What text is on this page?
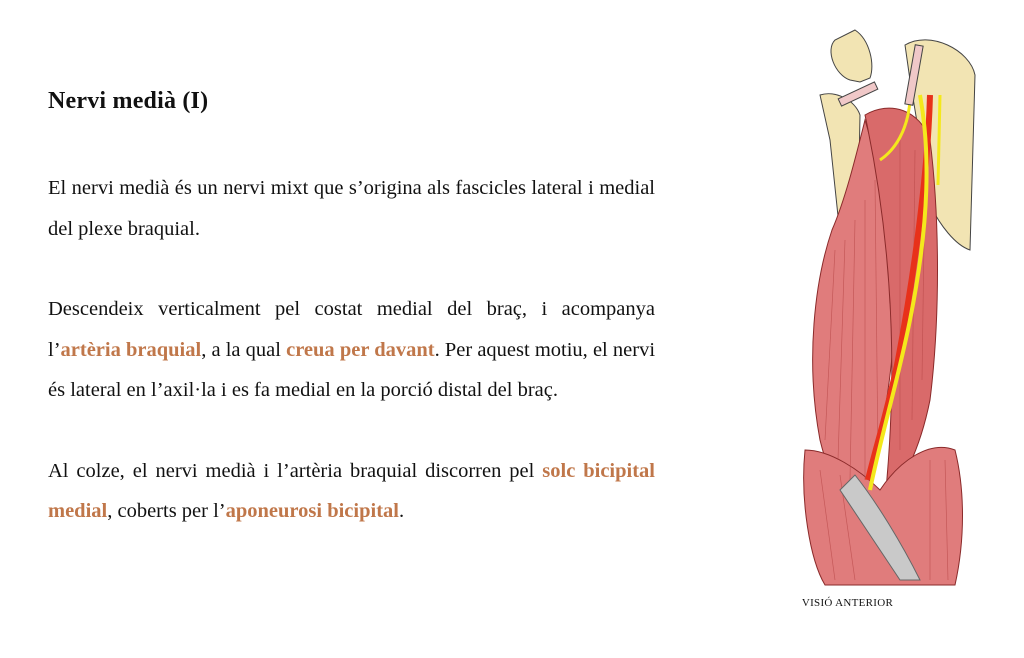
Nervi medià (I)

El nervi medià és un nervi mixt que s’origina als fascicles lateral i medial del plexe braquial.

Descendeix verticalment pel costat medial del braç, i acompanya l’artèria braquial, a la qual creua per davant. Per aquest motiu, el nervi és lateral en l’axil·la i es fa medial en la porció distal del braç.

Al colze, el nervi medià i l’artèria braquial discorren pel solc bicipital medial, coberts per l’aponeurosi bicipital.

VISIÓ ANTERIOR
